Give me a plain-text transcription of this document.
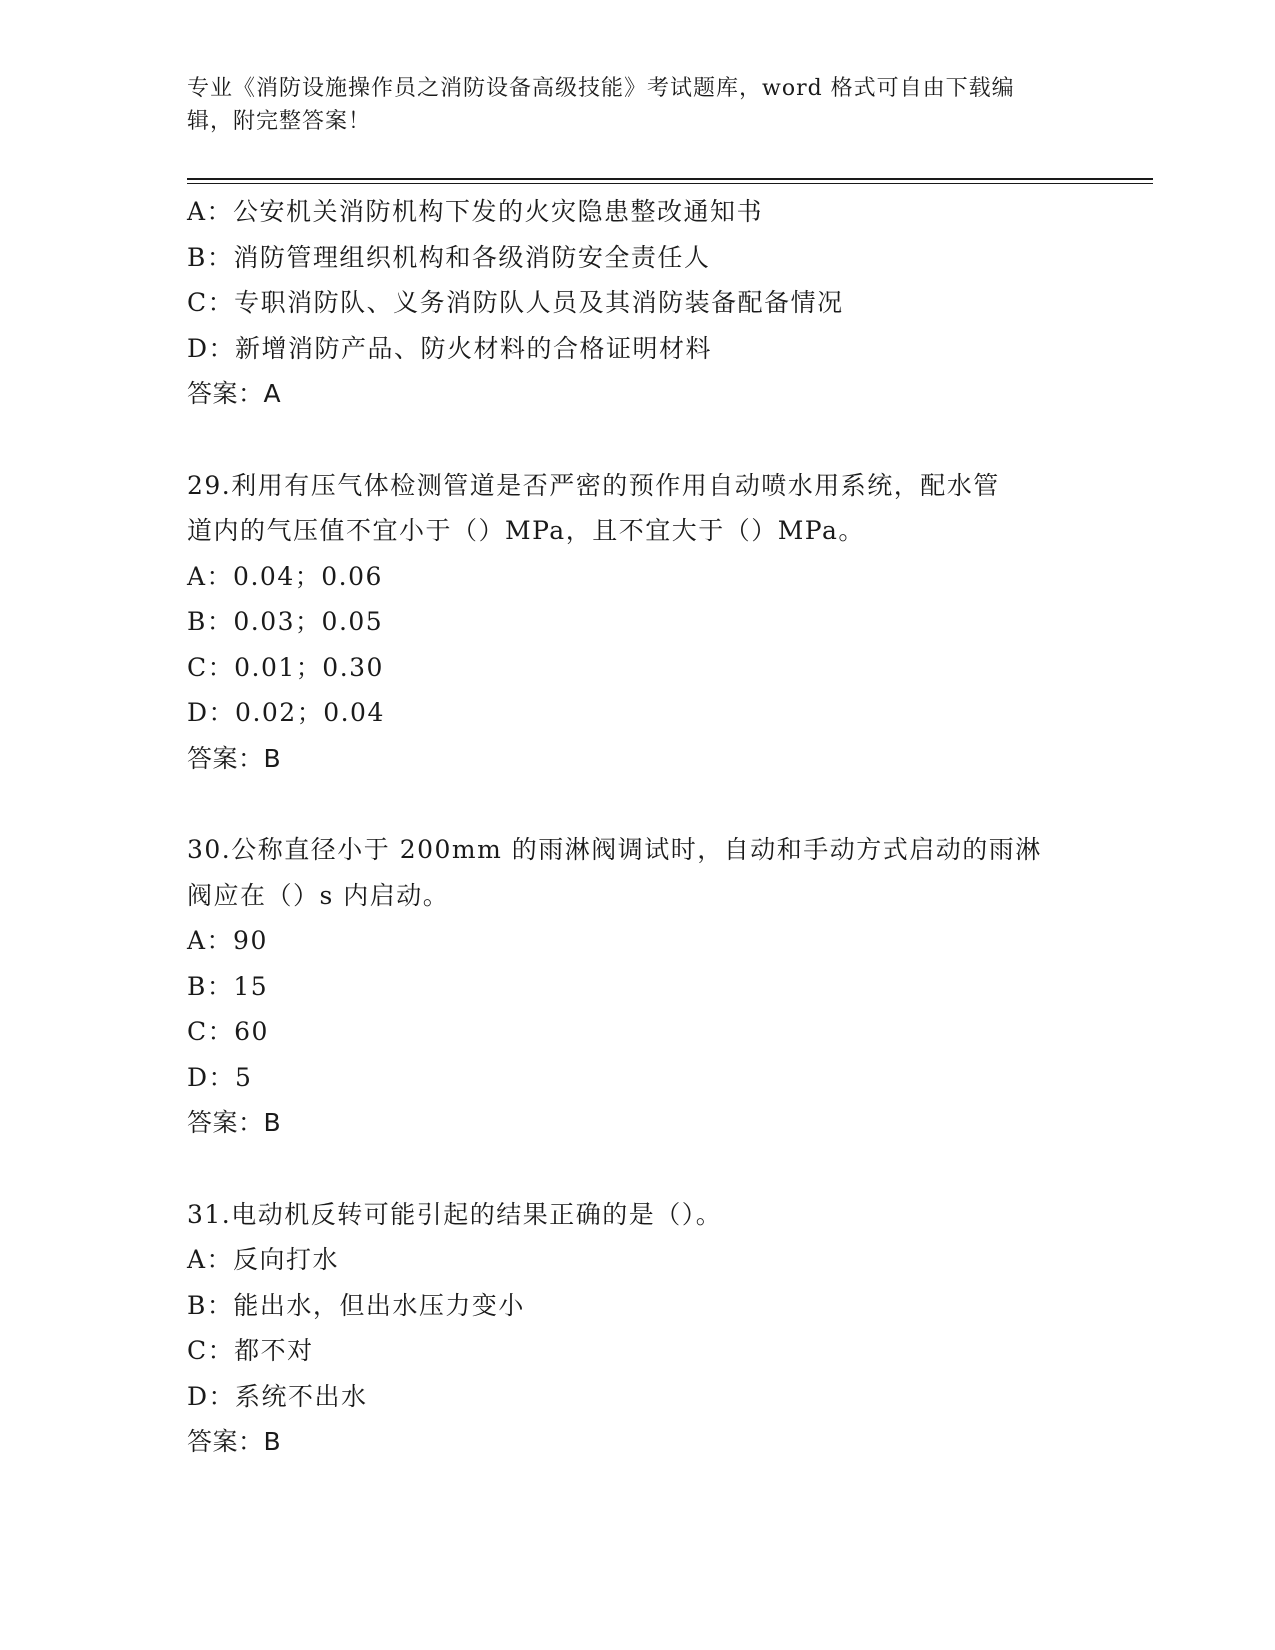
专业《消防设施操作员之消防设备高级技能》考试题库，word 格式可自由下载编
辑，附完整答案！
A：公安机关消防机构下发的火灾隐患整改通知书
B：消防管理组织机构和各级消防安全责任人
C：专职消防队、义务消防队人员及其消防装备配备情况
D：新增消防产品、防火材料的合格证明材料
答案：A
29.利用有压气体检测管道是否严密的预作用自动喷水用系统，配水管
道内的气压值不宜小于（）MPa，且不宜大于（）MPa。
A：0.04；0.06
B：0.03；0.05
C：0.01；0.30
D：0.02；0.04
答案：B
30.公称直径小于 200mm 的雨淋阀调试时，自动和手动方式启动的雨淋
阀应在（）s 内启动。
A：90
B：15
C：60
D：5
答案：B
31.电动机反转可能引起的结果正确的是（）。
A：反向打水
B：能出水，但出水压力变小
C：都不对
D：系统不出水
答案：B
